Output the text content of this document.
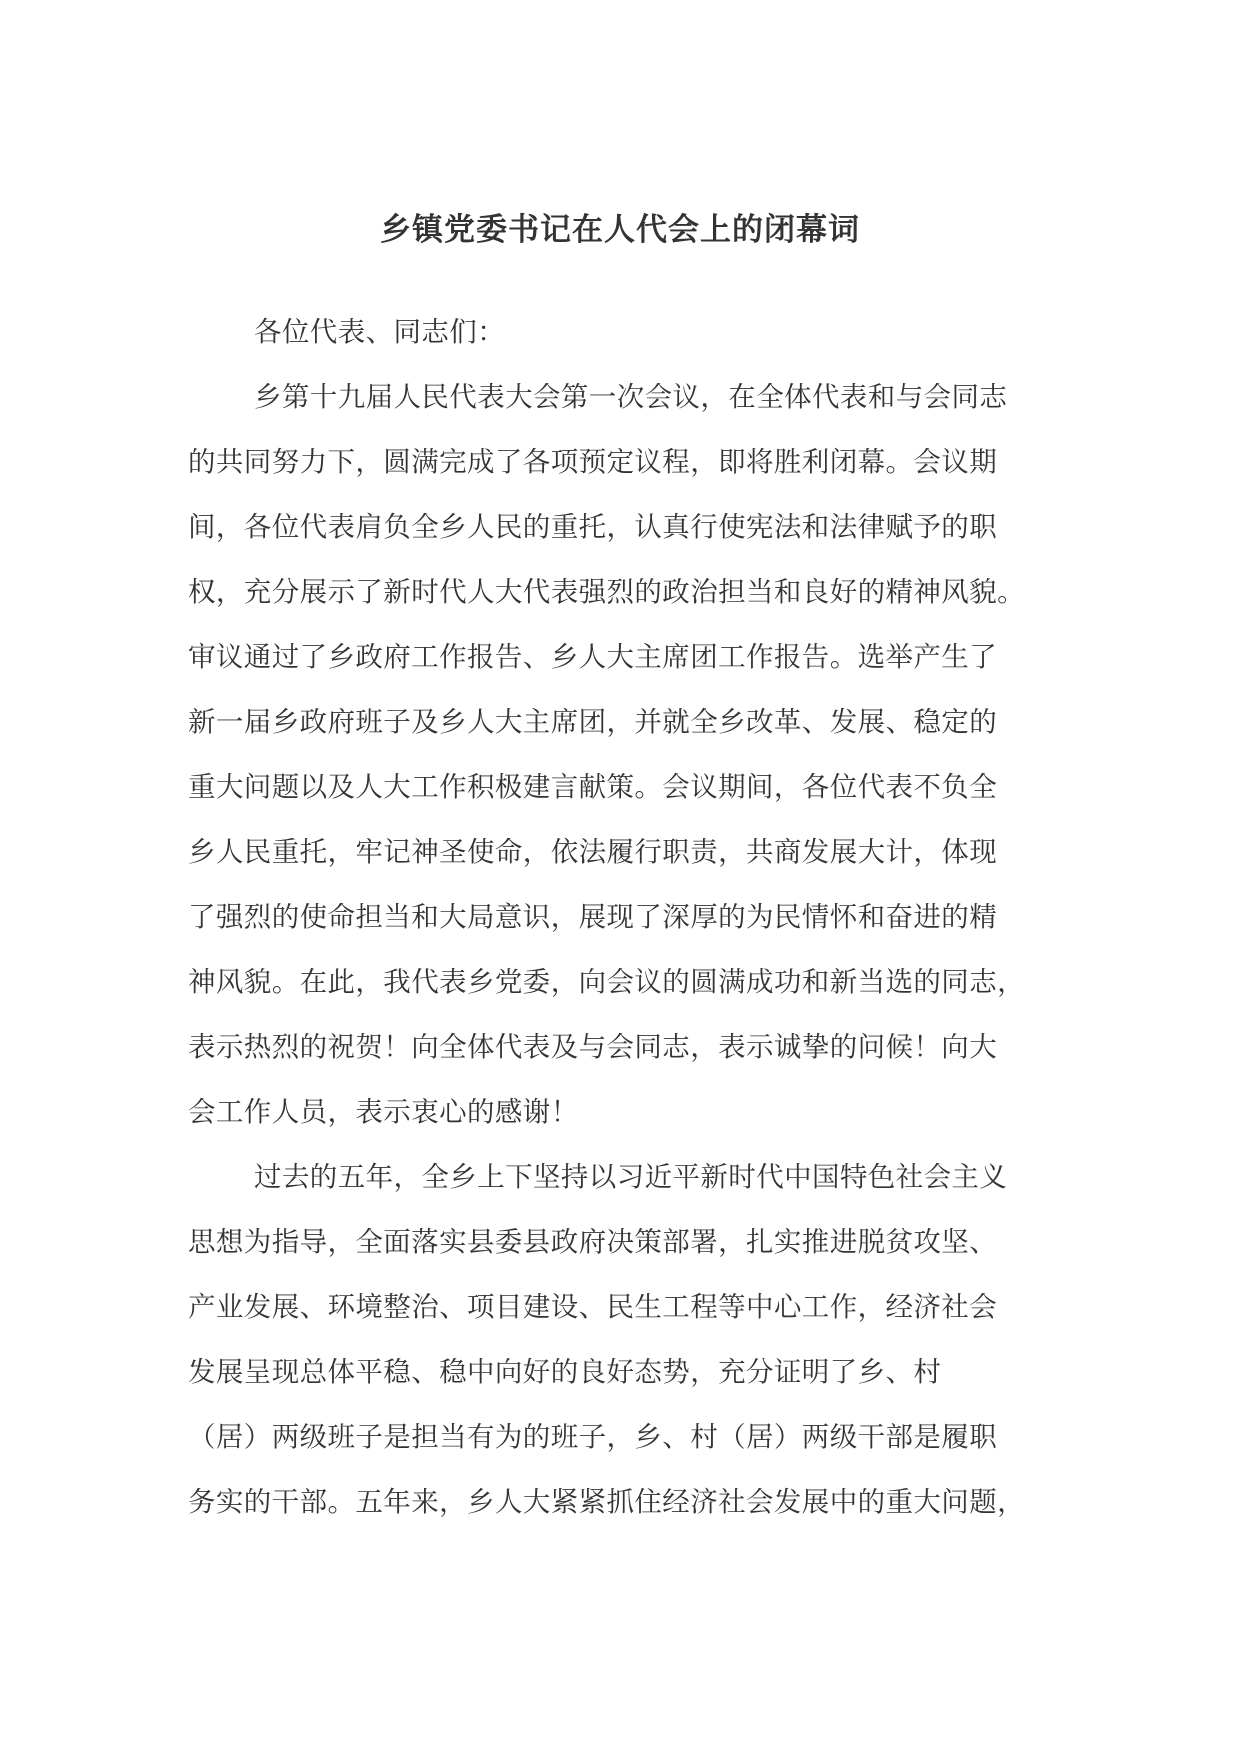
乡镇党委书记在人代会上的闭幕词
各位代表、同志们：
乡第十九届人民代表大会第一次会议，在全体代表和与会同志
的共同努力下，圆满完成了各项预定议程，即将胜利闭幕。会议期
间，各位代表肩负全乡人民的重托，认真行使宪法和法律赋予的职
权，充分展示了新时代人大代表强烈的政治担当和良好的精神风貌。
审议通过了乡政府工作报告、乡人大主席团工作报告。选举产生了
新一届乡政府班子及乡人大主席团，并就全乡改革、发展、稳定的
重大问题以及人大工作积极建言献策。会议期间，各位代表不负全
乡人民重托，牢记神圣使命，依法履行职责，共商发展大计，体现
了强烈的使命担当和大局意识，展现了深厚的为民情怀和奋进的精
神风貌。在此，我代表乡党委，向会议的圆满成功和新当选的同志，
表示热烈的祝贺！向全体代表及与会同志，表示诚挚的问候！向大
会工作人员，表示衷心的感谢！
过去的五年，全乡上下坚持以习近平新时代中国特色社会主义
思想为指导，全面落实县委县政府决策部署，扎实推进脱贫攻坚、
产业发展、环境整治、项目建设、民生工程等中心工作，经济社会
发展呈现总体平稳、稳中向好的良好态势，充分证明了乡、村
（居）两级班子是担当有为的班子，乡、村（居）两级干部是履职
务实的干部。五年来，乡人大紧紧抓住经济社会发展中的重大问题，
